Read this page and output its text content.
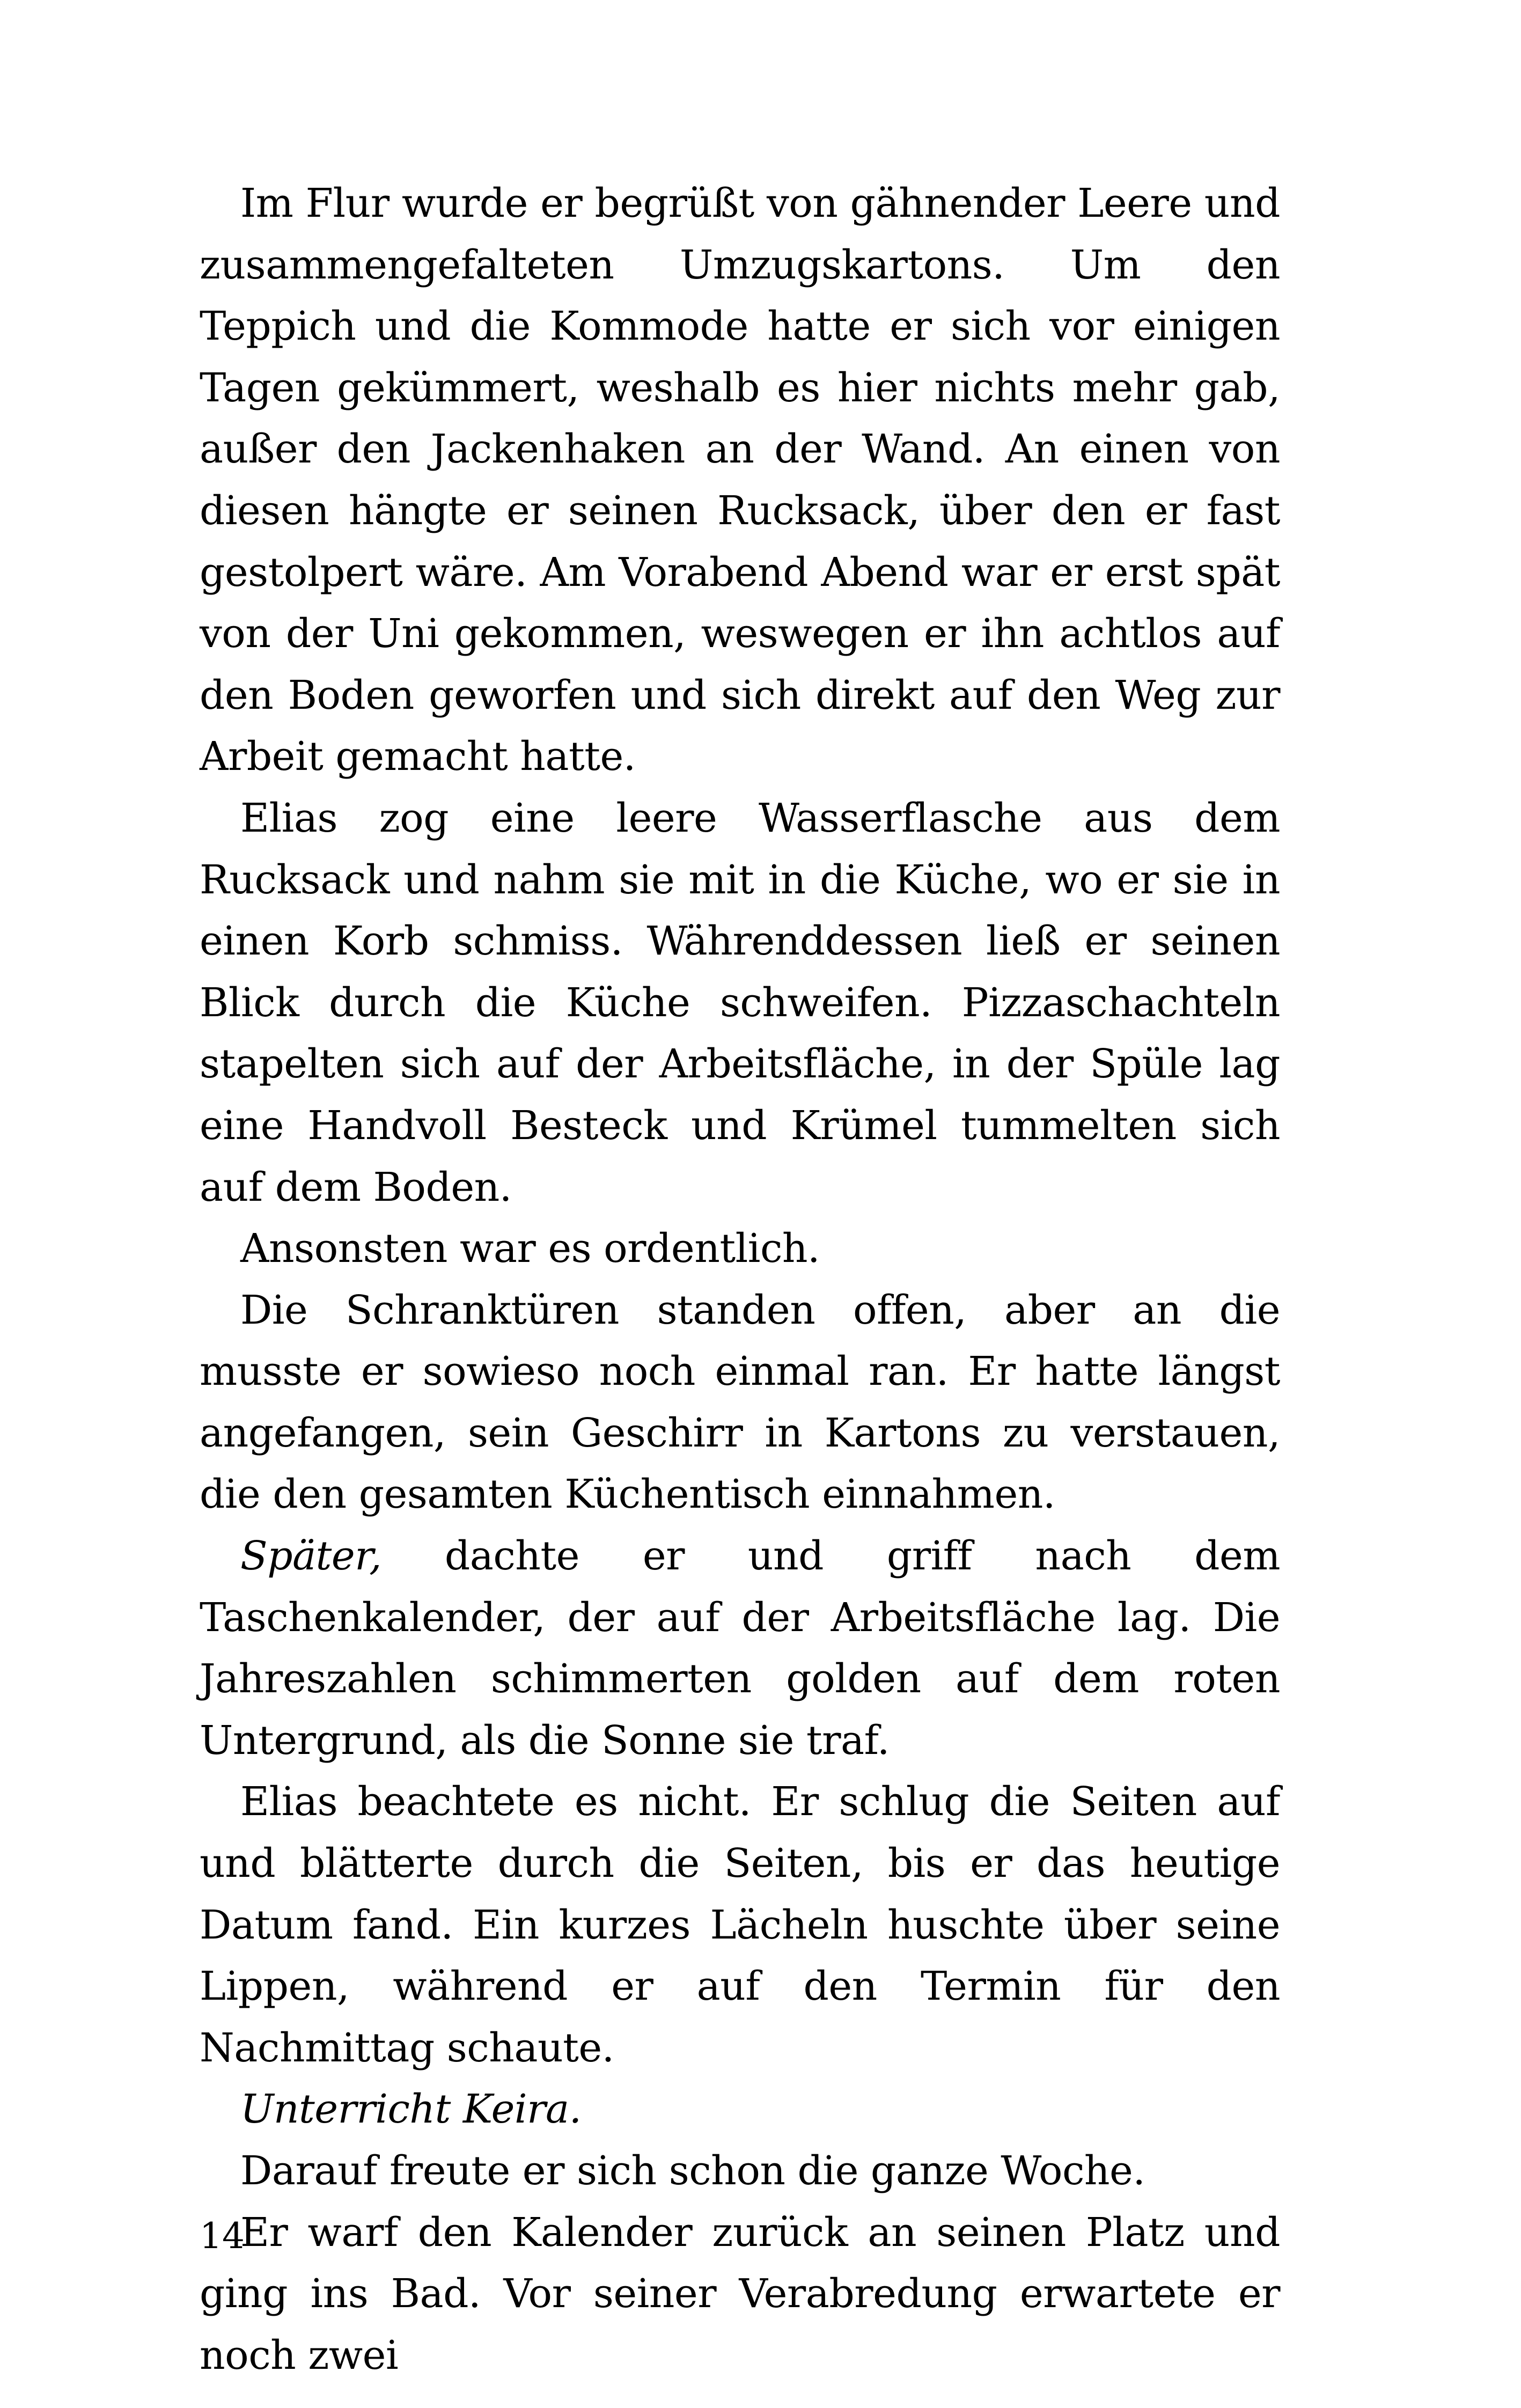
Im Flur wurde er begrüßt von gähnender Leere und zusammengefalteten Umzugskartons. Um den Teppich und die Kommode hatte er sich vor einigen Tagen gekümmert, weshalb es hier nichts mehr gab, außer den Jackenhaken an der Wand. An einen von diesen hängte er seinen Rucksack, über den er fast gestolpert wäre. Am Vorabend Abend war er erst spät von der Uni gekommen, weswegen er ihn achtlos auf den Boden geworfen und sich direkt auf den Weg zur Arbeit gemacht hatte.

Elias zog eine leere Wasserflasche aus dem Rucksack und nahm sie mit in die Küche, wo er sie in einen Korb schmiss. Währenddessen ließ er seinen Blick durch die Küche schweifen. Pizzaschachteln stapelten sich auf der Arbeitsfläche, in der Spüle lag eine Handvoll Besteck und Krümel tummelten sich auf dem Boden.

Ansonsten war es ordentlich.

Die Schranktüren standen offen, aber an die musste er sowieso noch einmal ran. Er hatte längst angefangen, sein Geschirr in Kartons zu verstauen, die den gesamten Küchentisch einnahmen.

Später, dachte er und griff nach dem Taschenkalender, der auf der Arbeitsfläche lag. Die Jahreszahlen schimmerten golden auf dem roten Untergrund, als die Sonne sie traf.

Elias beachtete es nicht. Er schlug die Seiten auf und blätterte durch die Seiten, bis er das heutige Datum fand. Ein kurzes Lächeln huschte über seine Lippen, während er auf den Termin für den Nachmittag schaute.

Unterricht Keira.

Darauf freute er sich schon die ganze Woche.

Er warf den Kalender zurück an seinen Platz und ging ins Bad. Vor seiner Verabredung erwartete er noch zwei

14
